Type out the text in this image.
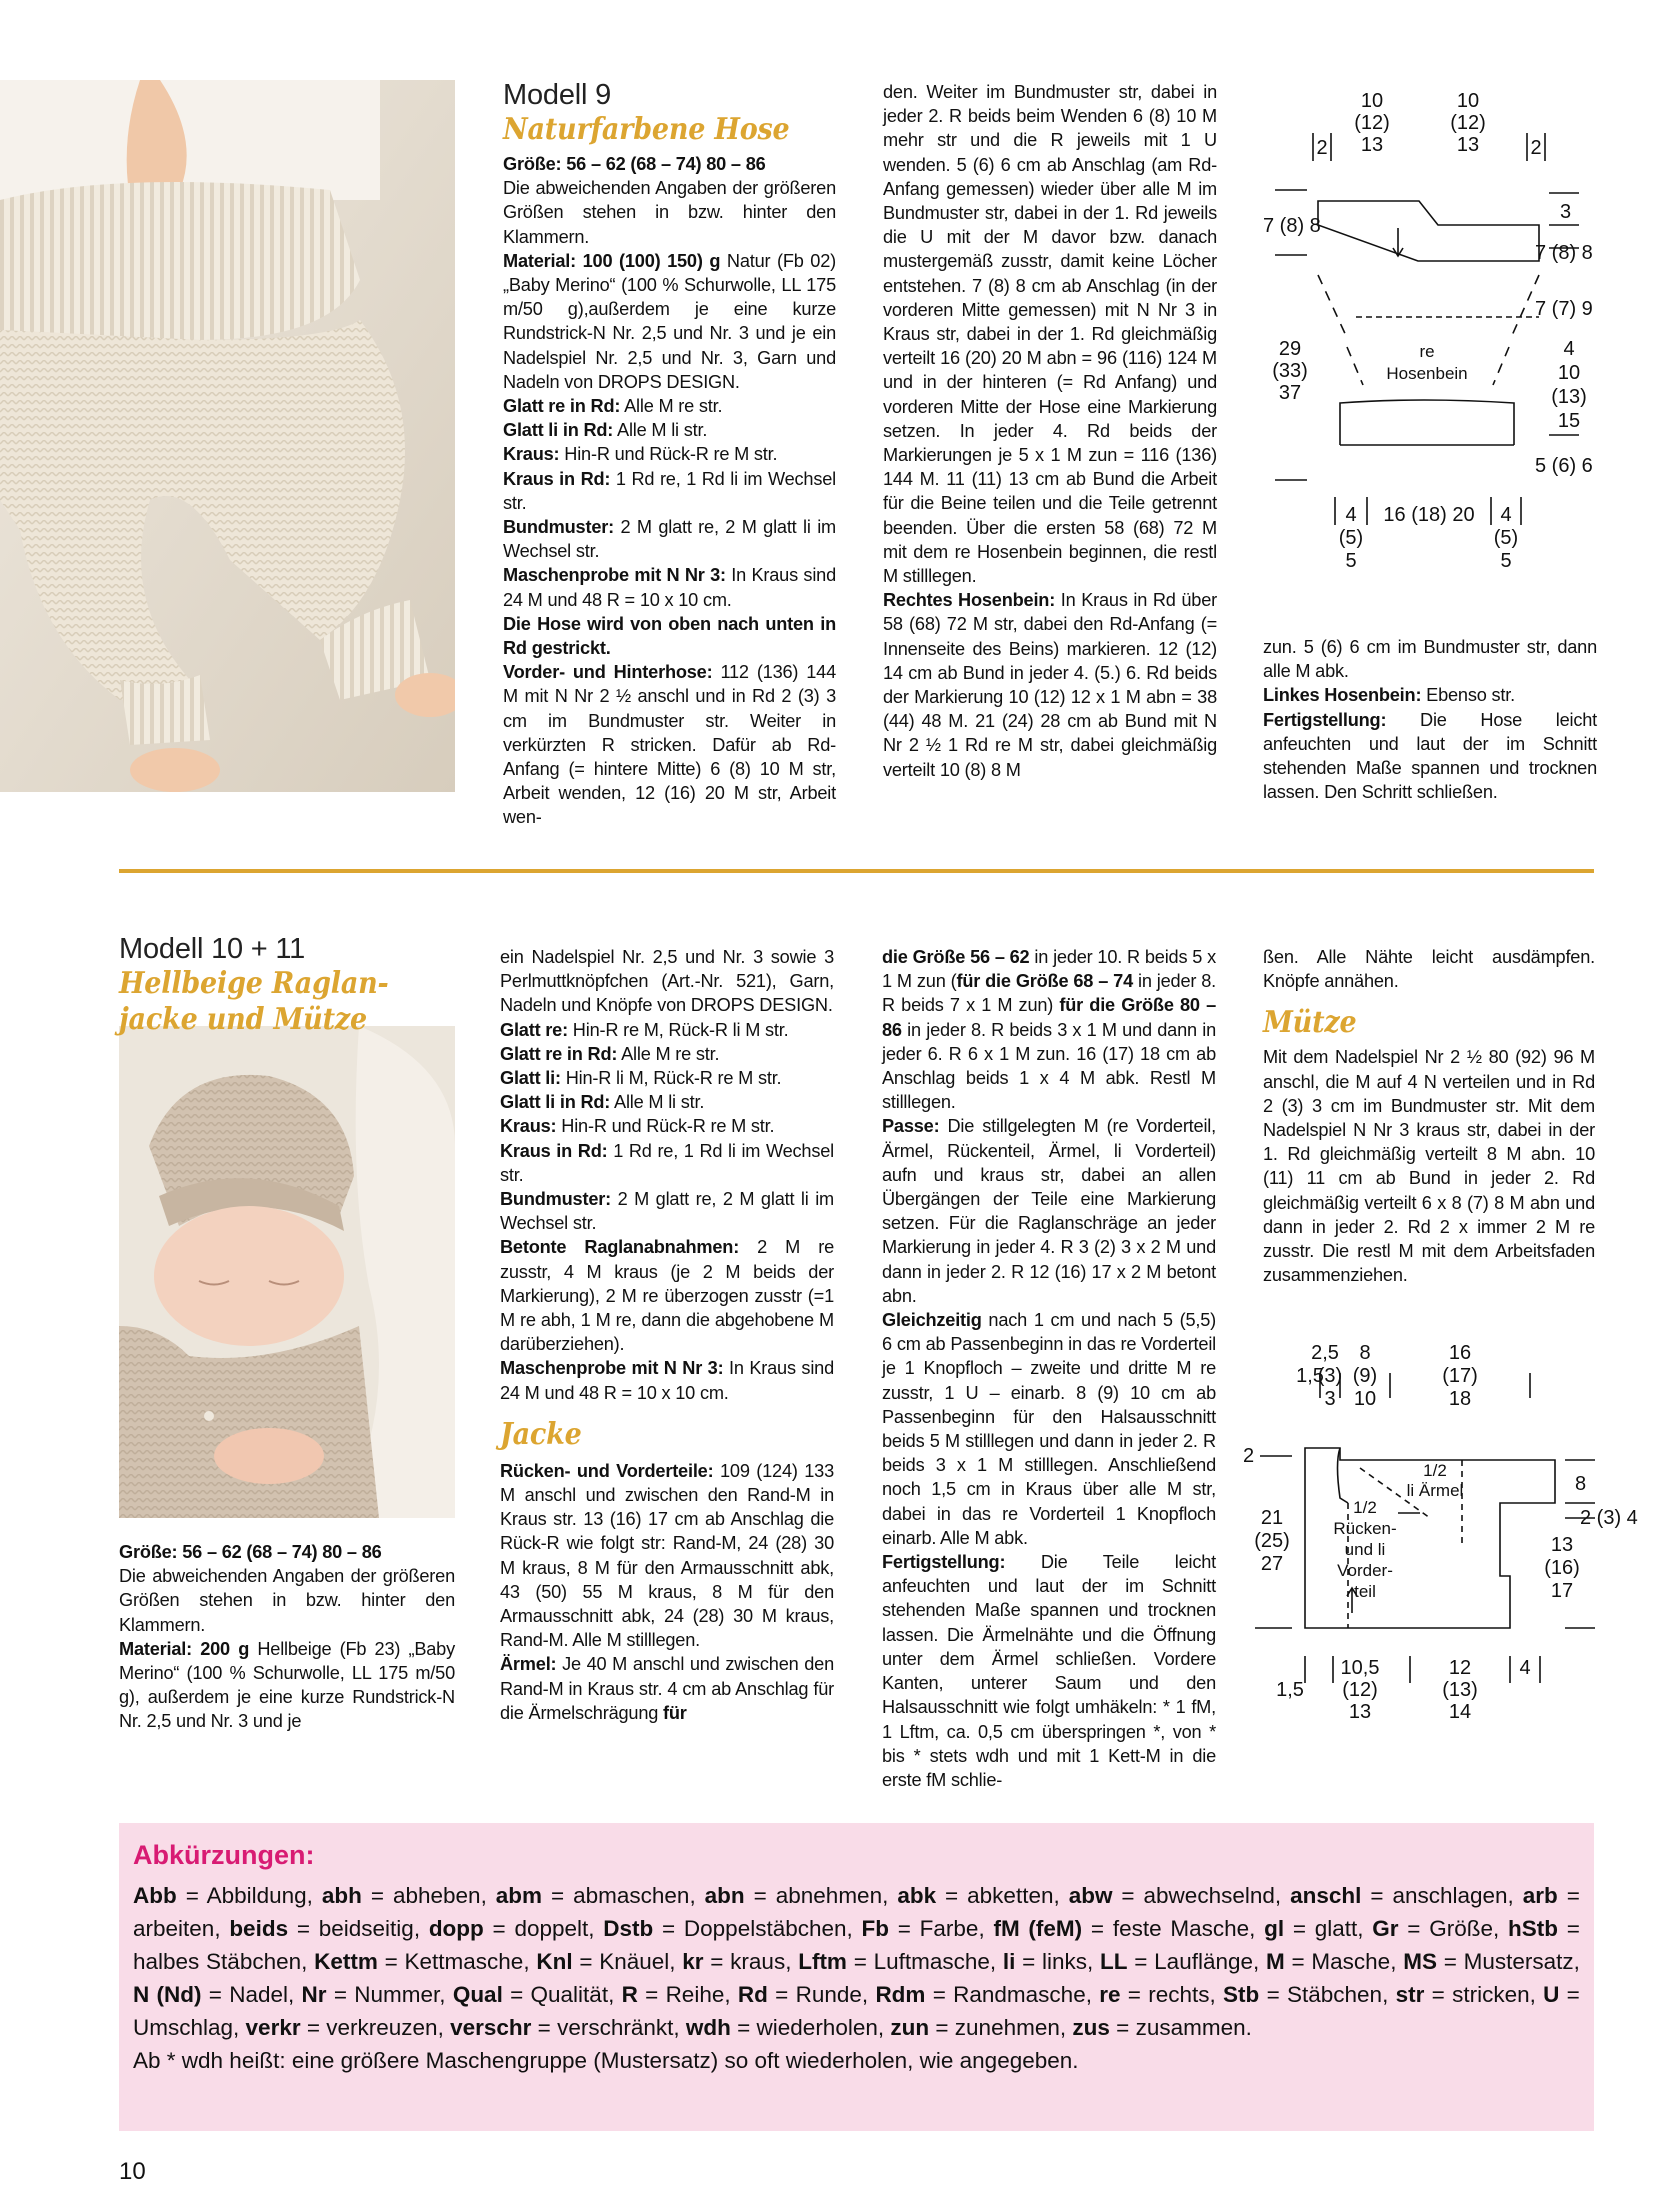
Modell 9
Naturfarbene Hose

Größe: 56 – 62 (68 – 74) 80 – 86

Die abweichenden Angaben der größeren Größen stehen in bzw. hinter den Klammern.

Material: 100 (100) 150) g Natur (Fb 02) „Baby Merino“ (100 % Schurwolle, LL 175 m/50 g),außerdem je eine kurze Rundstrick-N Nr. 2,5 und Nr. 3 und je ein Nadelspiel Nr. 2,5 und Nr. 3, Garn und Nadeln von DROPS DESIGN.

Glatt re in Rd: Alle M re str.

Glatt li in Rd: Alle M li str.

Kraus: Hin-R und Rück-R re M str.

Kraus in Rd: 1 Rd re, 1 Rd li im Wechsel str.

Bundmuster: 2 M glatt re, 2 M glatt li im Wechsel str.

Maschenprobe mit N Nr 3: In Kraus sind 24 M und 48 R = 10 x 10 cm.

Die Hose wird von oben nach unten in Rd gestrickt.

Vorder- und Hinterhose: 112 (136) 144 M mit N Nr 2 ½ anschl und in Rd 2 (3) 3 cm im Bundmuster str. Weiter in verkürzten R stricken. Dafür ab Rd-Anfang (= hintere Mitte) 6 (8) 10 M str, Arbeit wenden, 12 (16) 20 M str, Arbeit wen-

den. Weiter im Bundmuster str, dabei in jeder 2. R beids beim Wenden 6 (8) 10 M mehr str und die R jeweils mit 1 U wenden. 5 (6) 6 cm ab Anschlag (am Rd-Anfang gemessen) wieder über alle M im Bundmuster str, dabei in der 1. Rd jeweils die U mit der M davor bzw. danach mustergemäß zusstr, damit keine Löcher entstehen. 7 (8) 8 cm ab Anschlag (in der vorderen Mitte gemessen) mit N Nr 3 in Kraus str, dabei in der 1. Rd gleichmäßig verteilt 16 (20) 20 M abn = 96 (116) 124 M und in der hinteren (= Rd Anfang) und vorderen Mitte der Hose eine Markierung setzen. In jeder 4. Rd beids der Markierungen je 5 x 1 M zun = 116 (136) 144 M. 11 (11) 13 cm ab Bund die Arbeit für die Beine teilen und die Teile getrennt beenden. Über die ersten 58 (68) 72 M mit dem re Hosenbein beginnen, die restl M stilllegen.

Rechtes Hosenbein: In Kraus in Rd über 58 (68) 72 M str, dabei den Rd-Anfang (= Innenseite des Beins) markieren. 12 (12) 14 cm ab Bund in jeder 4. (5.) 6. Rd beids der Markierung 10 (12) 12 x 1 M abn = 38 (44) 48 M. 21 (24) 28 cm ab Bund mit N Nr 2 ½ 1 Rd re M str, dabei gleichmäßig verteilt 10 (8) 8 M

zun. 5 (6) 6 cm im Bundmuster str, dann alle M abk.

Linkes Hosenbein: Ebenso str.

Fertigstellung: Die Hose leicht anfeuchten und laut der im Schnitt stehenden Maße spannen und trocknen lassen. Den Schritt schließen.

10
(12)
13
10
(12)
13
2	2
7 (8) 8
3
7 (8) 8
7 (7) 9
29
(33)
37
re
Hosenbein
4
10
(13)
15
5 (6) 6
4
(5)
5
16 (18) 20 4
(5)
5
Modell 10 + 11
Hellbeige Raglan-
jacke und Mütze

Größe: 56 – 62 (68 – 74) 80 – 86

Die abweichenden Angaben der größeren Größen stehen in bzw. hinter den Klammern.

Material: 200 g Hellbeige (Fb 23) „Baby Merino“ (100 % Schurwolle, LL 175 m/50 g), außerdem je eine kurze Rundstrick-N Nr. 2,5 und Nr. 3 und je

ein Nadelspiel Nr. 2,5 und Nr. 3 sowie 3 Perlmuttknöpfchen (Art.-Nr. 521), Garn, Nadeln und Knöpfe von DROPS DESIGN.

Glatt re: Hin-R re M, Rück-R li M str.

Glatt re in Rd: Alle M re str.

Glatt li: Hin-R li M, Rück-R re M str.

Glatt li in Rd: Alle M li str.

Kraus: Hin-R und Rück-R re M str.

Kraus in Rd: 1 Rd re, 1 Rd li im Wechsel str.

Bundmuster: 2 M glatt re, 2 M glatt li im Wechsel str.

Betonte Raglanabnahmen: 2 M re zusstr, 4 M kraus (je 2 M beids der Markierung), 2 M re überzogen zusstr (=1 M re abh, 1 M re, dann die abgehobene M darüberziehen).

Maschenprobe mit N Nr 3: In Kraus sind 24 M und 48 R = 10 x 10 cm.

Jacke

Rücken- und Vorderteile: 109 (124) 133 M anschl und zwischen den Rand-M in Kraus str. 13 (16) 17 cm ab Anschlag die Rück-R wie folgt str: Rand-M, 24 (28) 30 M kraus, 8 M für den Armausschnitt abk, 43 (50) 55 M kraus, 8 M für den Armausschnitt abk, 24 (28) 30 M kraus, Rand-M. Alle M stilllegen.

Ärmel: Je 40 M anschl und zwischen den Rand-M in Kraus str. 4 cm ab Anschlag für die Ärmelschrägung für

die Größe 56 – 62 in jeder 10. R beids 5 x 1 M zun (für die Größe 68 – 74 in jeder 8. R beids 7 x 1 M zun) für die Größe 80 – 86 in jeder 8. R beids 3 x 1 M und dann in jeder 6. R 6 x 1 M zun. 16 (17) 18 cm ab Anschlag beids 1 x 4 M abk. Restl M stilllegen.

Passe: Die stillgelegten M (re Vorderteil, Ärmel, Rückenteil, Ärmel, li Vorderteil) aufn und kraus str, dabei an allen Übergängen der Teile eine Markierung setzen. Für die Raglanschräge an jeder Markierung in jeder 4. R 3 (2) 3 x 2 M und dann in jeder 2. R 12 (16) 17 x 2 M betont abn.

Gleichzeitig nach 1 cm und nach 5 (5,5) 6 cm ab Passenbeginn in das re Vorderteil je 1 Knopfloch – zweite und dritte M re zusstr, 1 U – einarb. 8 (9) 10 cm ab Passenbeginn für den Halsausschnitt beids 5 M stilllegen und dann in jeder 2. R beids 3 x 1 M stilllegen. Anschließend noch 1,5 cm in Kraus über alle M str, dabei in das re Vorderteil 1 Knopfloch einarb. Alle M abk.

Fertigstellung: Die Teile leicht anfeuchten und laut der im Schnitt stehenden Maße spannen und trocknen lassen. Die Ärmelnähte und die Öffnung unter dem Ärmel schließen. Vordere Kanten, unterer Saum und den Halsausschnitt wie folgt umhäkeln: * 1 fM, 1 Lftm, ca. 0,5 cm überspringen *, von * bis * stets wdh und mit 1 Kett-M in die erste fM schlie-

ßen. Alle Nähte leicht ausdämpfen. Knöpfe annähen.

Mütze

Mit dem Nadelspiel Nr 2 ½ 80 (92) 96 M anschl, die M auf 4 N verteilen und in Rd 2 (3) 3 cm im Bundmuster str. Mit dem Nadelspiel N Nr 3 kraus str, dabei in der 1. Rd gleichmäßig verteilt 8 M abn. 10 (11) 11 cm ab Bund in jeder 2. Rd gleichmäßig verteilt 6 x 8 (7) 8 M abn und dann in jeder 2. Rd 2 x immer 2 M re zusstr. Die restl M mit dem Arbeitsfaden zusammenziehen.

2,5 8
1,5
(3) (9)
3 10
16
(17)
18
2
1/2
li Ärmel
1/2
Rücken-
und li
Vorder-
teil
8
2 (3) 4
21
(25)
27
13
(16)
17
10,5
1,5 (12)
13
12
(13)
14
4
Abkürzungen:
Abb = Abbildung, abh = abheben, abm = abmaschen, abn = abnehmen, abk = abketten, abw = abwechselnd, anschl = anschlagen, arb = arbeiten, beids = beidseitig, dopp = doppelt, Dstb = Doppelstäbchen, Fb = Farbe, fM (feM) = feste Masche, gl = glatt, Gr = Größe, hStb = halbes Stäbchen, Kettm = Kettmasche, Knl = Knäuel, kr = kraus, Lftm = Luftmasche, li = links, LL = Lauflänge, M = Masche, MS = Mustersatz, N (Nd) = Nadel, Nr = Nummer, Qual = Qualität, R = Reihe, Rd = Runde, Rdm = Randmasche, re = rechts, Stb = Stäbchen, str = stricken, U = Umschlag, verkr = verkreuzen, verschr = verschränkt, wdh = wiederholen, zun = zunehmen, zus = zusammen.
Ab * wdh heißt: eine größere Maschengruppe (Mustersatz) so oft wiederholen, wie angegeben.
10
